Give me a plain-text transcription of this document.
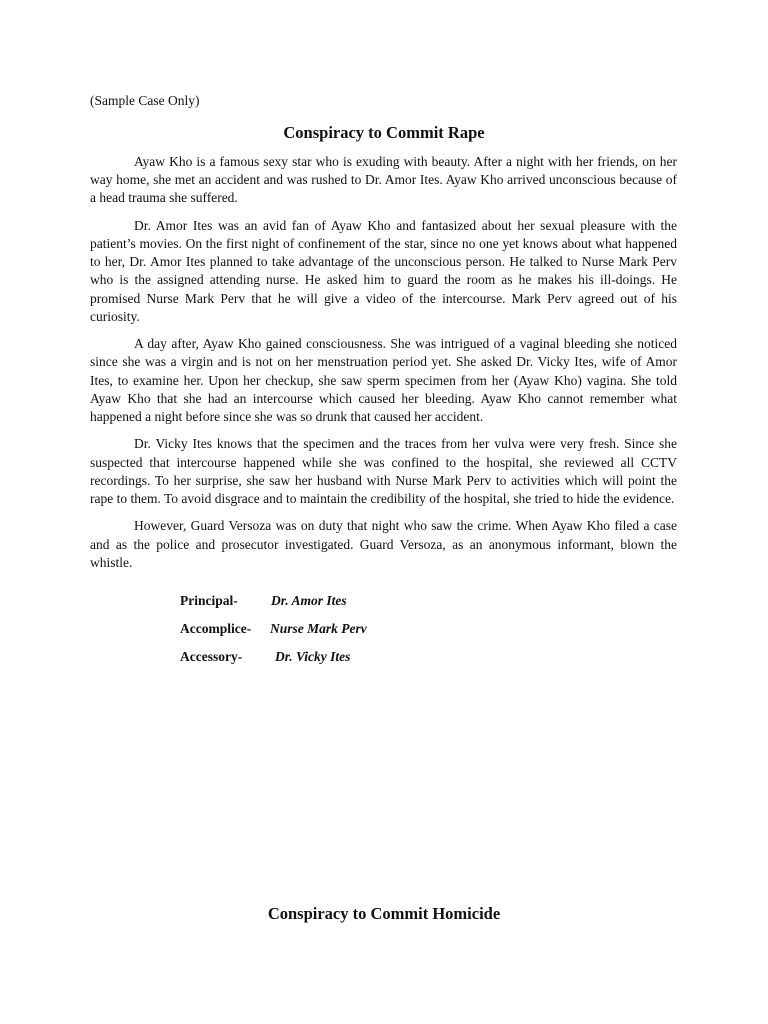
(Sample Case Only)
Conspiracy to Commit Rape

Ayaw Kho is a famous sexy star who is exuding with beauty. After a night with her friends, on her way home, she met an accident and was rushed to Dr. Amor Ites. Ayaw Kho arrived unconscious because of a head trauma she suffered.

Dr. Amor Ites was an avid fan of Ayaw Kho and fantasized about her sexual pleasure with the patient’s movies. On the first night of confinement of the star, since no one yet knows about what happened to her, Dr. Amor Ites planned to take advantage of the unconscious person. He talked to Nurse Mark Perv who is the assigned attending nurse. He asked him to guard the room as he makes his ill-doings. He promised Nurse Mark Perv that he will give a video of the intercourse. Mark Perv agreed out of his curiosity.

A day after, Ayaw Kho gained consciousness. She was intrigued of a vaginal bleeding she noticed since she was a virgin and is not on her menstruation period yet. She asked Dr. Vicky Ites, wife of Amor Ites, to examine her. Upon her checkup, she saw sperm specimen from her (Ayaw Kho) vagina. She told Ayaw Kho that she had an intercourse which caused her bleeding. Ayaw Kho cannot remember what happened a night before since she was so drunk that caused her accident.

Dr. Vicky Ites knows that the specimen and the traces from her vulva were very fresh. Since she suspected that intercourse happened while she was confined to the hospital, she reviewed all CCTV recordings. To her surprise, she saw her husband with Nurse Mark Perv to activities which will point the rape to them. To avoid disgrace and to maintain the credibility of the hospital, she tried to hide the evidence.

However, Guard Versoza was on duty that night who saw the crime. When Ayaw Kho filed a case and as the police and prosecutor investigated. Guard Versoza, as an anonymous informant, blown the whistle.

Principal- Dr. Amor Ites
Accomplice- Nurse Mark Perv
Accessory- Dr. Vicky Ites
Conspiracy to Commit Homicide
